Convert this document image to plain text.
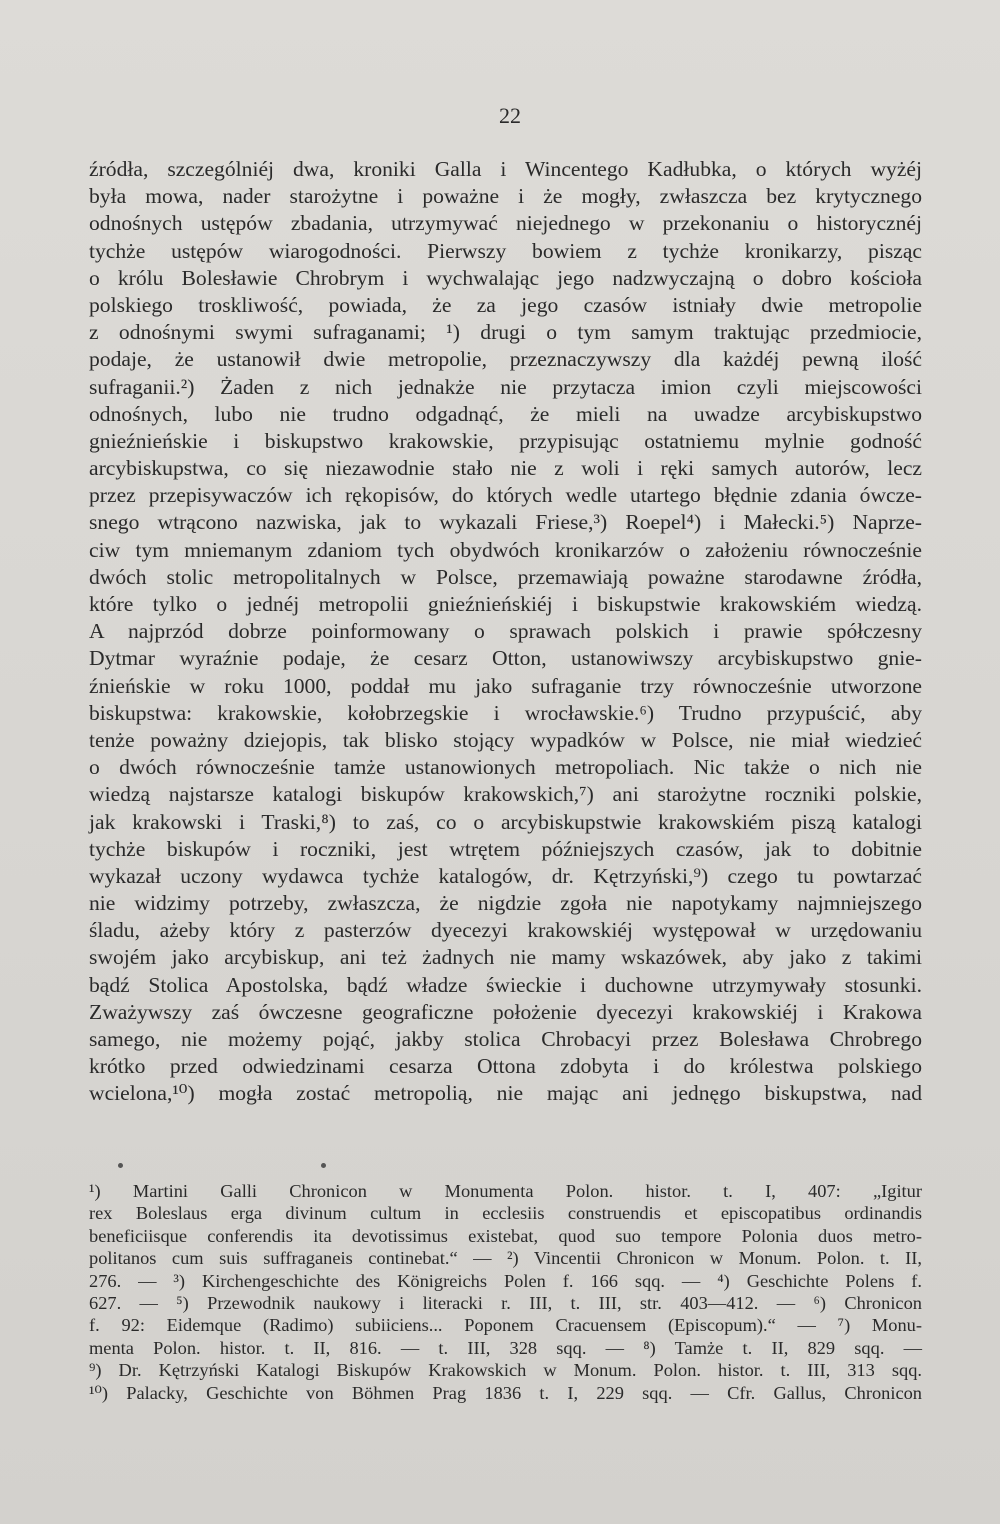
22
źródła, szczególniéj dwa, kroniki Galla i Wincentego Kadłubka, o których wyżéj
była mowa, nader starożytne i poważne i że mogły, zwłaszcza bez krytycznego
odnośnych ustępów zbadania, utrzymywać niejednego w przekonaniu o historycznéj
tychże ustępów wiarogodności. Pierwszy bowiem z tychże kronikarzy, pisząc
o królu Bolesławie Chrobrym i wychwalając jego nadzwyczajną o dobro kościoła
polskiego troskliwość, powiada, że za jego czasów istniały dwie metropolie
z odnośnymi swymi sufraganami; ¹) drugi o tym samym traktując przedmiocie,
podaje, że ustanowił dwie metropolie, przeznaczywszy dla każdéj pewną ilość
sufraganii.²) Żaden z nich jednakże nie przytacza imion czyli miejscowości
odnośnych, lubo nie trudno odgadnąć, że mieli na uwadze arcybiskupstwo
gnieźnieńskie i biskupstwo krakowskie, przypisując ostatniemu mylnie godność
arcybiskupstwa, co się niezawodnie stało nie z woli i ręki samych autorów, lecz
przez przepisywaczów ich rękopisów, do których wedle utartego błędnie zdania ówcze-
snego wtrącono nazwiska, jak to wykazali Friese,³) Roepel⁴) i Małecki.⁵) Naprze-
ciw tym mniemanym zdaniom tych obydwóch kronikarzów o założeniu równocześnie
dwóch stolic metropolitalnych w Polsce, przemawiają poważne starodawne źródła,
które tylko o jednéj metropolii gnieźnieńskiéj i biskupstwie krakowskiém wiedzą.
A najprzód dobrze poinformowany o sprawach polskich i prawie spółczesny
Dytmar wyraźnie podaje, że cesarz Otton, ustanowiwszy arcybiskupstwo gnie-
źnieńskie w roku 1000, poddał mu jako sufraganie trzy równocześnie utworzone
biskupstwa: krakowskie, kołobrzegskie i wrocławskie.⁶) Trudno przypuścić, aby
tenże poważny dziejopis, tak blisko stojący wypadków w Polsce, nie miał wiedzieć
o dwóch równocześnie tamże ustanowionych metropoliach. Nic także o nich nie
wiedzą najstarsze katalogi biskupów krakowskich,⁷) ani starożytne roczniki polskie,
jak krakowski i Traski,⁸) to zaś, co o arcybiskupstwie krakowskiém piszą katalogi
tychże biskupów i roczniki, jest wtrętem późniejszych czasów, jak to dobitnie
wykazał uczony wydawca tychże katalogów, dr. Kętrzyński,⁹) czego tu powtarzać
nie widzimy potrzeby, zwłaszcza, że nigdzie zgoła nie napotykamy najmniejszego
śladu, ażeby który z pasterzów dyecezyi krakowskiéj występował w urzędowaniu
swojém jako arcybiskup, ani też żadnych nie mamy wskazówek, aby jako z takimi
bądź Stolica Apostolska, bądź władze świeckie i duchowne utrzymywały stosunki.
Zważywszy zaś ówczesne geograficzne położenie dyecezyi krakowskiéj i Krakowa
samego, nie możemy pojąć, jakby stolica Chrobacyi przez Bolesława Chrobrego
krótko przed odwiedzinami cesarza Ottona zdobyta i do królestwa polskiego
wcielona,¹⁰) mogła zostać metropolią, nie mając ani jednęgo biskupstwa, nad
¹) Martini Galli Chronicon w Monumenta Polon. histor. t. I, 407: „Igitur
rex Boleslaus erga divinum cultum in ecclesiis construendis et episcopatibus ordinandis
beneficiisque conferendis ita devotissimus existebat, quod suo tempore Polonia duos metro-
politanos cum suis suffraganeis continebat.“ — ²) Vincentii Chronicon w Monum. Polon. t. II,
276. — ³) Kirchengeschichte des Königreichs Polen f. 166 sqq. — ⁴) Geschichte Polens f.
627. — ⁵) Przewodnik naukowy i literacki r. III, t. III, str. 403—412. — ⁶) Chronicon
f. 92: Eidemque (Radimo) subiiciens... Poponem Cracuensem (Episcopum).“ — ⁷) Monu-
menta Polon. histor. t. II, 816. — t. III, 328 sqq. — ⁸) Tamże t. II, 829 sqq. —
⁹) Dr. Kętrzyński Katalogi Biskupów Krakowskich w Monum. Polon. histor. t. III, 313 sqq.
¹⁰) Palacky, Geschichte von Böhmen Prag 1836 t. I, 229 sqq. — Cfr. Gallus, Chronicon
